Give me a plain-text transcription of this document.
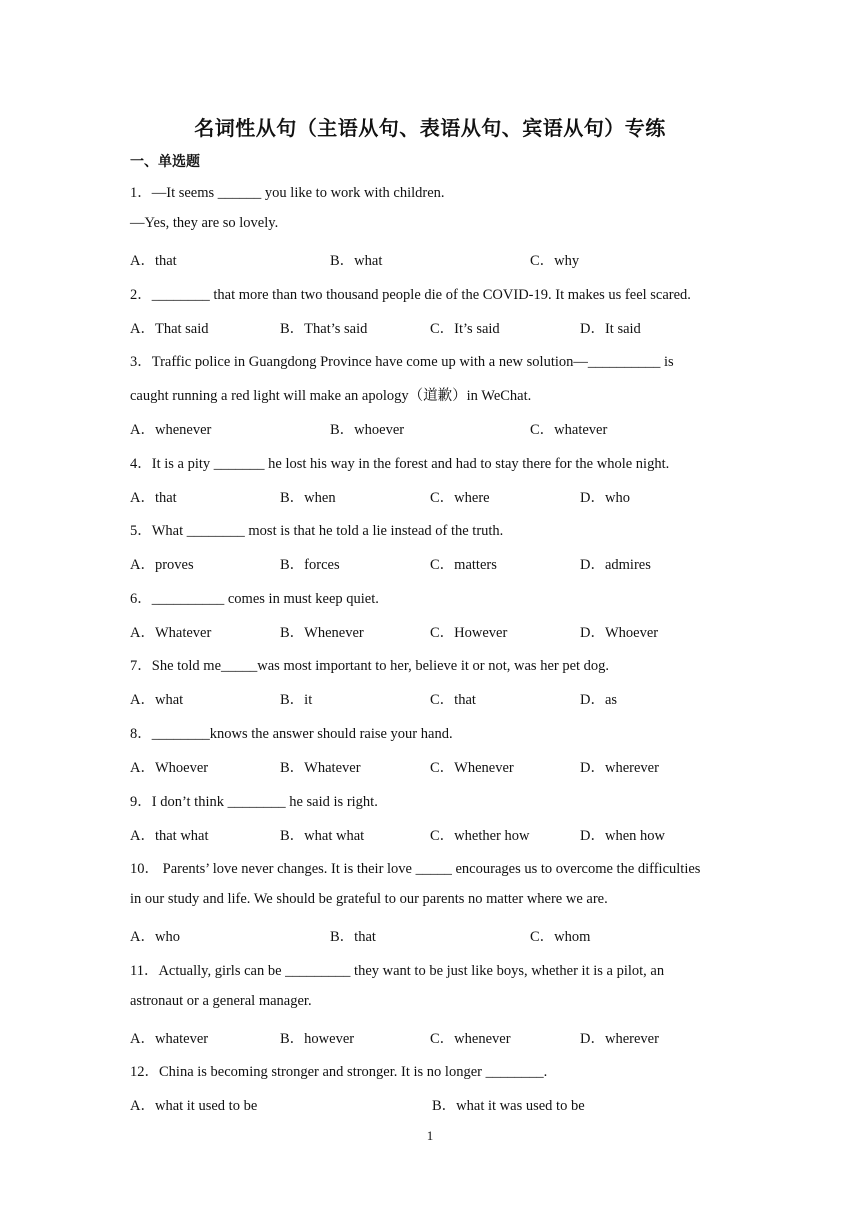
名词性从句（主语从句、表语从句、宾语从句）专练
一、单选题
1．—It seems ______ you like to work with children.
—Yes, they are so lovely.
A．that	B．what	C．why
2．________ that more than two thousand people die of the COVID-19. It makes us feel scared.
A．That said	B．That’s said	C．It’s said	D．It said
3．Traffic police in Guangdong Province have come up with a new solution—__________ is
caught running a red light will make an apology（道歉）in WeChat.
A．whenever	B．whoever	C．whatever
4．It is a pity _______ he lost his way in the forest and had to stay there for the whole night.
A．that	B．when	C．where	D．who
5．What ________ most is that he told a lie instead of the truth.
A．proves	B．forces	C．matters	D．admires
6．__________ comes in must keep quiet.
A．Whatever	B．Whenever	C．However	D．Whoever
7．She told me_____was most important to her, believe it or not, was her pet dog.
A．what	B．it	C．that	D．as
8．________knows the answer should raise your hand.
A．Whoever	B．Whatever	C．Whenever	D．wherever
9．I don’t think ________ he said is right.
A．that what	B．what what	C．whether how	D．when how
10． Parents’ love never changes. It is their love _____ encourages us to overcome the difficulties
in our study and life. We should be grateful to our parents no matter where we are.
A．who	B．that	C．whom
11．Actually, girls can be _________ they want to be just like boys, whether it is a pilot, an
astronaut or a general manager.
A．whatever	B．however	C．whenever	D．wherever
12．China is becoming stronger and stronger. It is no longer ________.
A．what it used to be	B．what it was used to be
1
